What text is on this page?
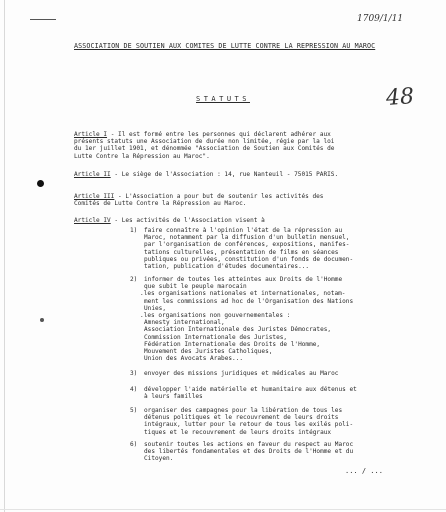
1709/1/11
48
ASSOCIATION DE SOUTIEN AUX COMITES DE LUTTE CONTRE LA REPRESSION AU MAROC
STATUTS
Article I - Il est formé entre les personnes qui déclarent adhérer aux
présents statuts une Association de durée non limitée, régie par la loi
du 1er juillet 1901, et dénommée "Association de Soutien aux Comités de
Lutte Contre la Répression au Maroc".
Article II - Le siège de l'Association : 14, rue Nanteuil - 75015 PARIS.
Article III - L'Association a pour but de soutenir les activités des
Comités de Lutte Contre la Répression au Maroc.
Article IV - Les activités de l'Association visent à
1) faire connaître à l'opinion l'état de la répression au
Maroc, notamment par la diffusion d'un bulletin mensuel,
par l'organisation de conférences, expositions, manifes-
tations culturelles, présentation de films en séances
publiques ou privées, constitution d'un fonds de documen-
tation, publication d'études documentaires...
2) informer de toutes les atteintes aux Droits de l'Homme
que subit le peuple marocain
.les organisations nationales et internationales, notam-
ment les commissions ad hoc de l'Organisation des Nations
Unies,
.les organisations non gouvernementales :
Amnesty international,
Association Internationale des Juristes Démocrates,
Commission Internationale des Juristes,
Fédération Internationale des Droits de l'Homme,
Mouvement des Juristes Catholiques,
Union des Avocats Arabes...
3) envoyer des missions juridiques et médicales au Maroc
4) développer l'aide matérielle et humanitaire aux détenus et
à leurs familles
5) organiser des campagnes pour la libération de tous les
détenus politiques et le recouvrement de leurs droits
intégraux, lutter pour le retour de tous les exilés poli-
tiques et le recouvrement de leurs droits intégraux
6) soutenir toutes les actions en faveur du respect au Maroc
des libertés fondamentales et des Droits de l'Homme et du
Citoyen.
... / ...
